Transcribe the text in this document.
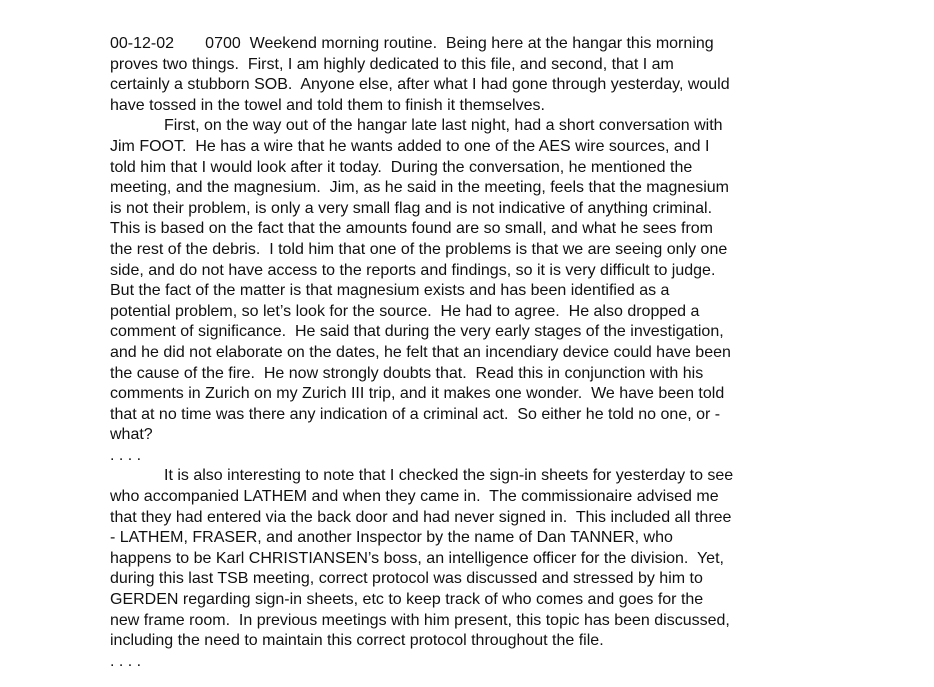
00-12-02       0700  Weekend morning routine.  Being here at the hangar this morning
proves two things.  First, I am highly dedicated to this file, and second, that I am
certainly a stubborn SOB.  Anyone else, after what I had gone through yesterday, would
have tossed in the towel and told them to finish it themselves.
First, on the way out of the hangar late last night, had a short conversation with
Jim FOOT.  He has a wire that he wants added to one of the AES wire sources, and I
told him that I would look after it today.  During the conversation, he mentioned the
meeting, and the magnesium.  Jim, as he said in the meeting, feels that the magnesium
is not their problem, is only a very small flag and is not indicative of anything criminal.
This is based on the fact that the amounts found are so small, and what he sees from
the rest of the debris.  I told him that one of the problems is that we are seeing only one
side, and do not have access to the reports and findings, so it is very difficult to judge.
But the fact of the matter is that magnesium exists and has been identified as a
potential problem, so let’s look for the source.  He had to agree.  He also dropped a
comment of significance.  He said that during the very early stages of the investigation,
and he did not elaborate on the dates, he felt that an incendiary device could have been
the cause of the fire.  He now strongly doubts that.  Read this in conjunction with his
comments in Zurich on my Zurich III trip, and it makes one wonder.  We have been told
that at no time was there any indication of a criminal act.  So either he told no one, or -
what?
. . . .
It is also interesting to note that I checked the sign-in sheets for yesterday to see
who accompanied LATHEM and when they came in.  The commissionaire advised me
that they had entered via the back door and had never signed in.  This included all three
- LATHEM, FRASER, and another Inspector by the name of Dan TANNER, who
happens to be Karl CHRISTIANSEN’s boss, an intelligence officer for the division.  Yet,
during this last TSB meeting, correct protocol was discussed and stressed by him to
GERDEN regarding sign-in sheets, etc to keep track of who comes and goes for the
new frame room.  In previous meetings with him present, this topic has been discussed,
including the need to maintain this correct protocol throughout the file.
. . . .
